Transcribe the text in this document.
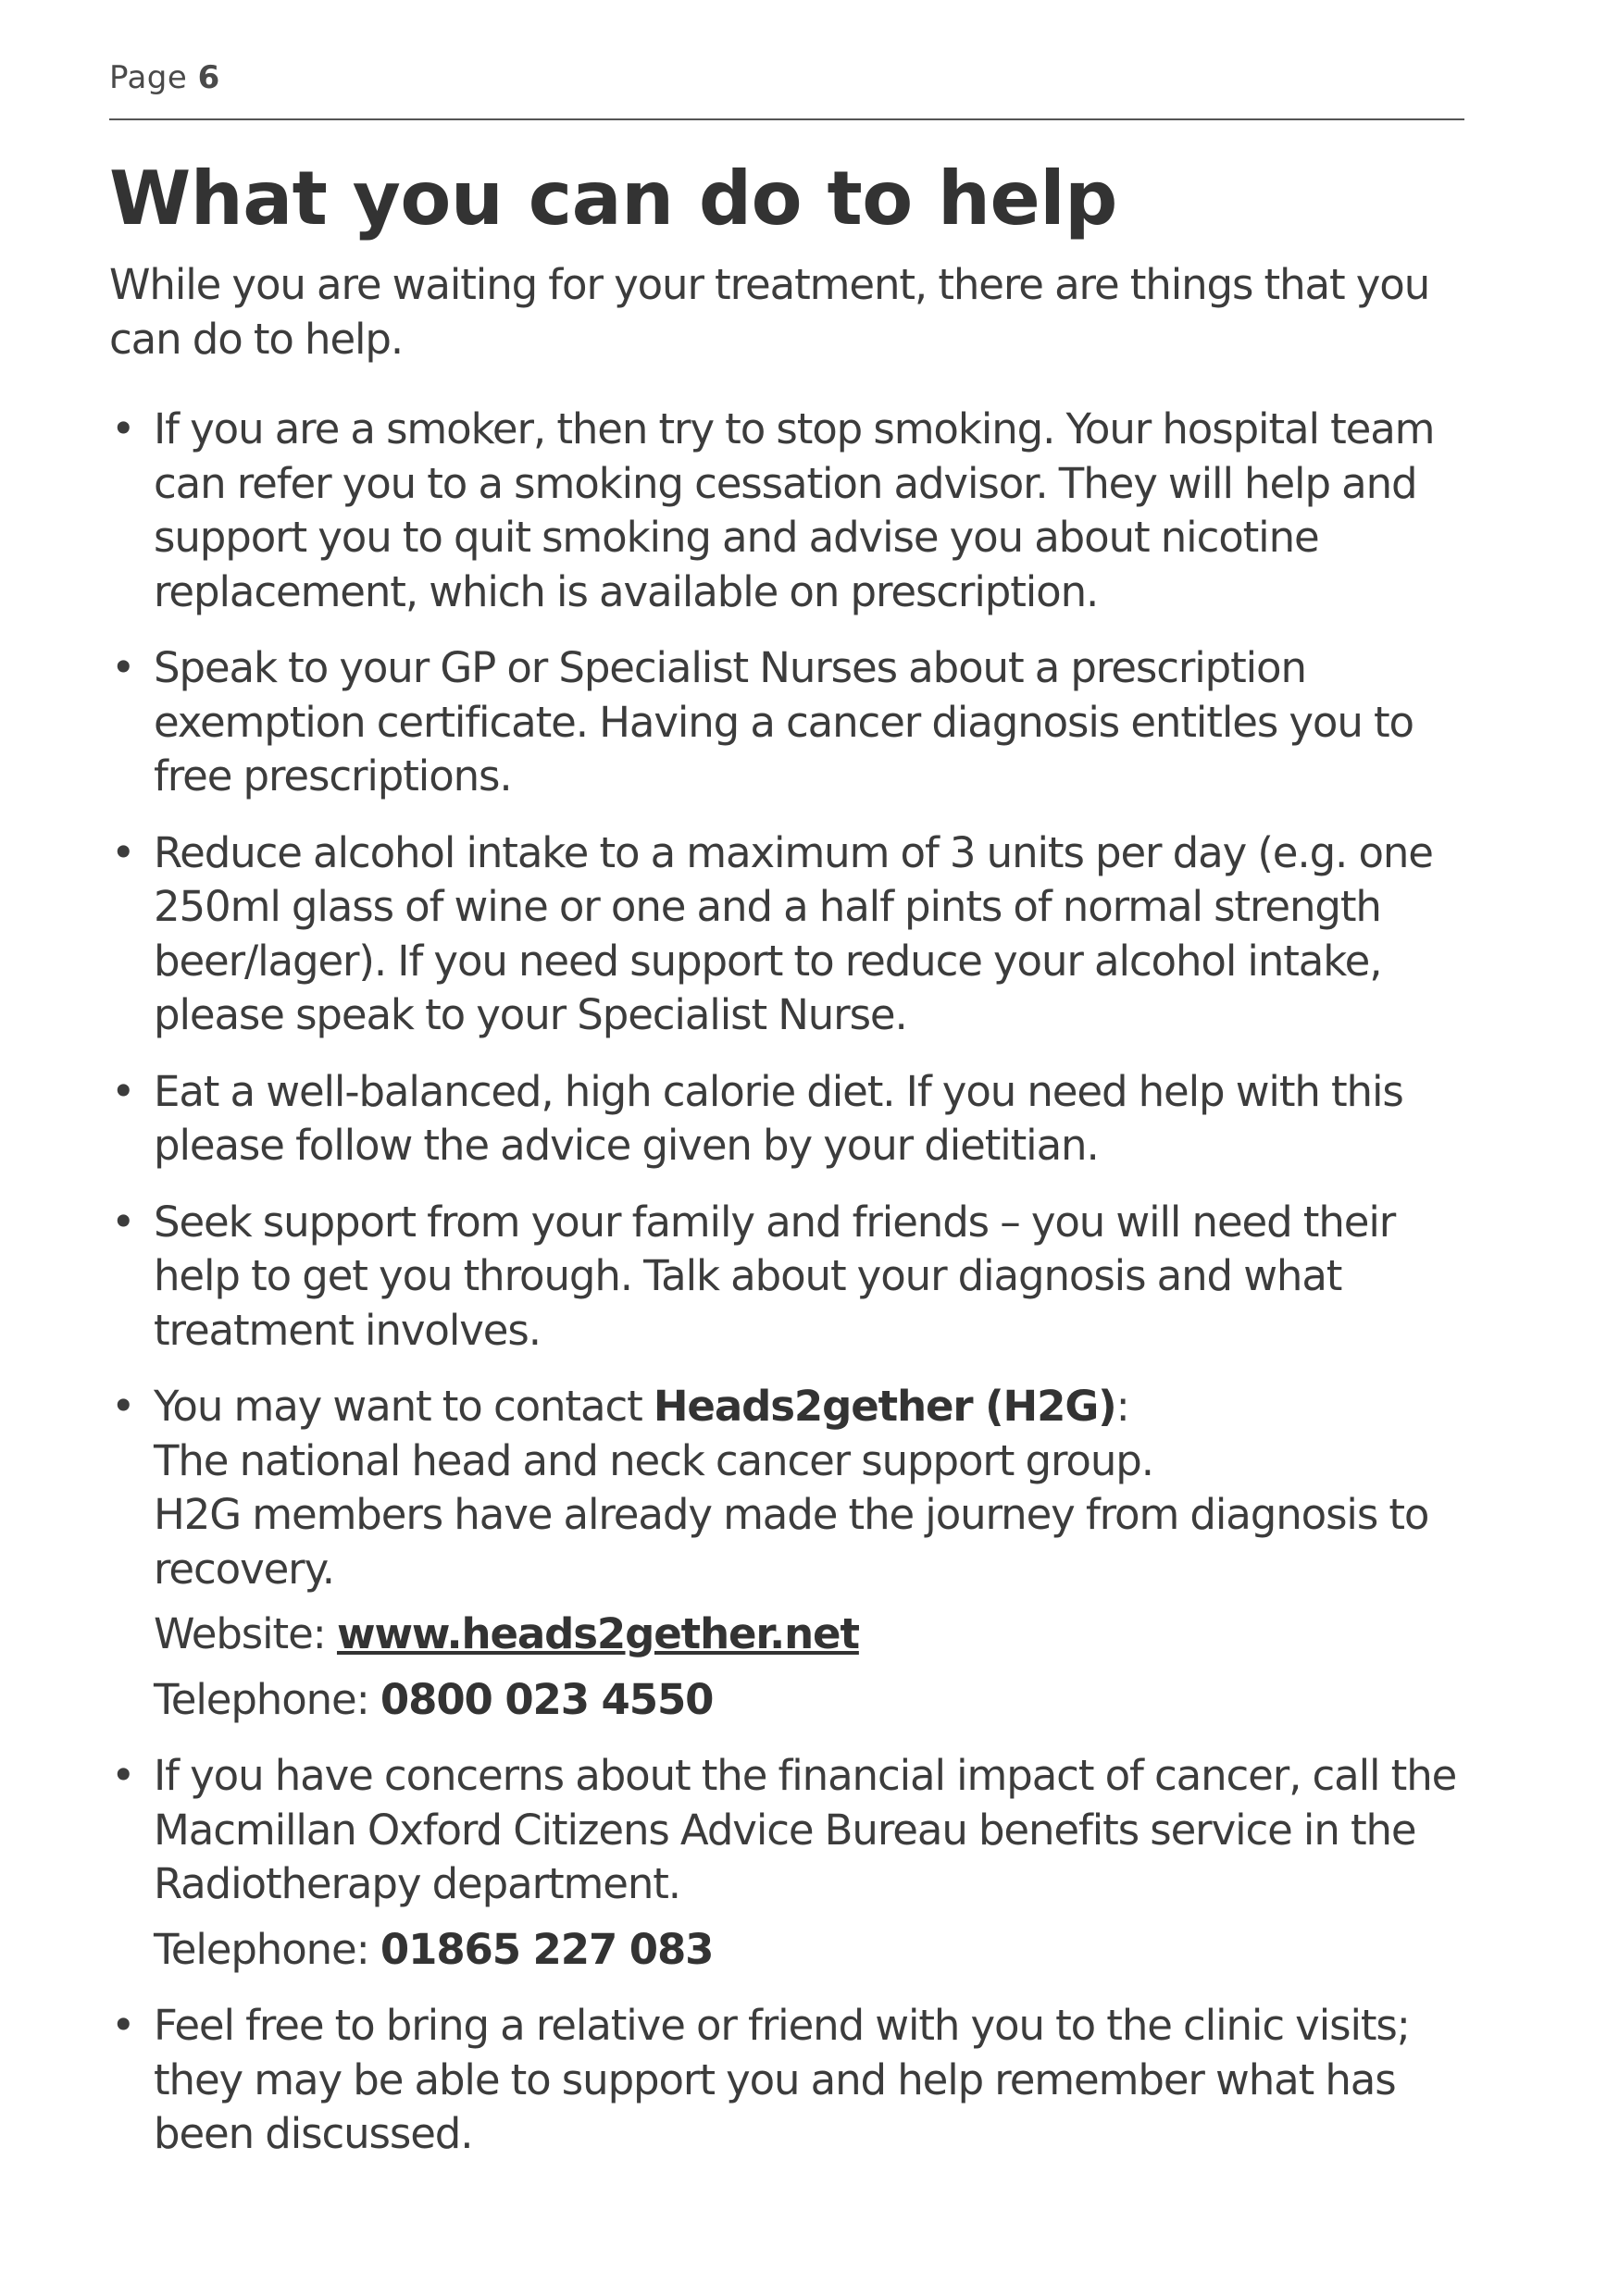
Page 6
What you can do to help

While you are waiting for your treatment, there are things that you can do to help.

• If you are a smoker, then try to stop smoking. Your hospital team can refer you to a smoking cessation advisor. They will help and support you to quit smoking and advise you about nicotine replacement, which is available on prescription.

• Speak to your GP or Specialist Nurses about a prescription exemption certificate. Having a cancer diagnosis entitles you to free prescriptions.

• Reduce alcohol intake to a maximum of 3 units per day (e.g. one 250ml glass of wine or one and a half pints of normal strength beer/lager). If you need support to reduce your alcohol intake, please speak to your Specialist Nurse.

• Eat a well-balanced, high calorie diet. If you need help with this please follow the advice given by your dietitian.

• Seek support from your family and friends – you will need their help to get you through. Talk about your diagnosis and what treatment involves.

• You may want to contact Heads2gether (H2G):
The national head and neck cancer support group.
H2G members have already made the journey from diagnosis to recovery.

Website: www.heads2gether.net

Telephone: 0800 023 4550

• If you have concerns about the financial impact of cancer, call the Macmillan Oxford Citizens Advice Bureau benefits service in the Radiotherapy department.

Telephone: 01865 227 083

• Feel free to bring a relative or friend with you to the clinic visits; they may be able to support you and help remember what has been discussed.
